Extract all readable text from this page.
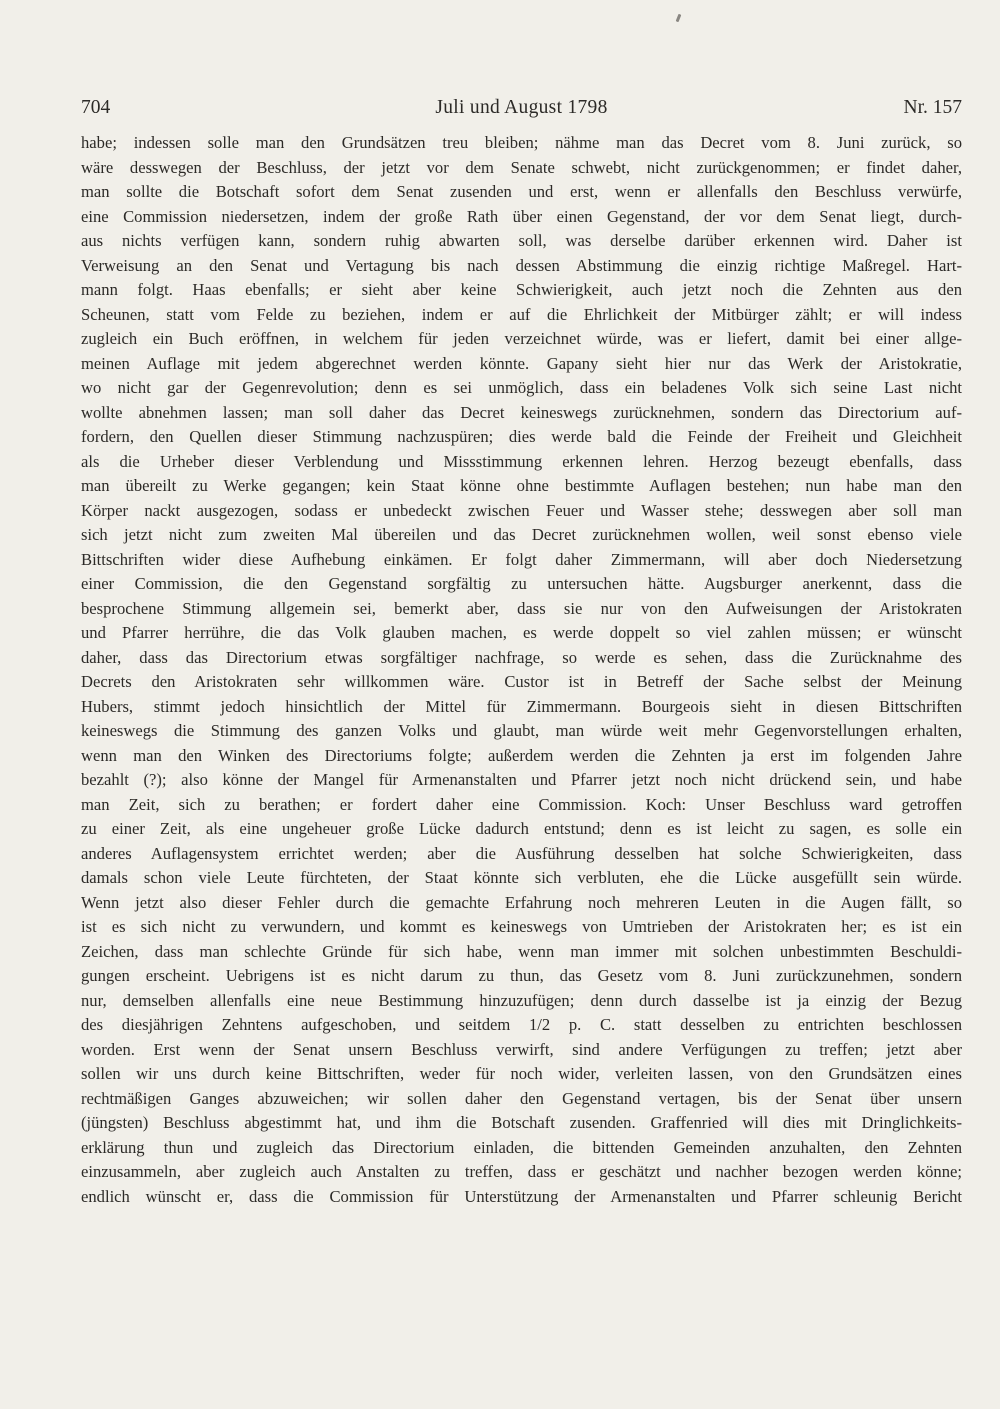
704	Juli und August 1798	Nr. 157
habe; indessen solle man den Grundsätzen treu bleiben; nähme man das Decret vom 8. Juni zurück, so
wäre desswegen der Beschluss, der jetzt vor dem Senate schwebt, nicht zurückgenommen; er findet daher,
man sollte die Botschaft sofort dem Senat zusenden und erst, wenn er allenfalls den Beschluss verwürfe,
eine Commission niedersetzen, indem der große Rath über einen Gegenstand, der vor dem Senat liegt, durch-
aus nichts verfügen kann, sondern ruhig abwarten soll, was derselbe darüber erkennen wird. Daher ist
Verweisung an den Senat und Vertagung bis nach dessen Abstimmung die einzig richtige Maßregel. Hart-
mann folgt. Haas ebenfalls; er sieht aber keine Schwierigkeit, auch jetzt noch die Zehnten aus den
Scheunen, statt vom Felde zu beziehen, indem er auf die Ehrlichkeit der Mitbürger zählt; er will indess
zugleich ein Buch eröffnen, in welchem für jeden verzeichnet würde, was er liefert, damit bei einer allge-
meinen Auflage mit jedem abgerechnet werden könnte. Gapany sieht hier nur das Werk der Aristokratie,
wo nicht gar der Gegenrevolution; denn es sei unmöglich, dass ein beladenes Volk sich seine Last nicht
wollte abnehmen lassen; man soll daher das Decret keineswegs zurücknehmen, sondern das Directorium auf-
fordern, den Quellen dieser Stimmung nachzuspüren; dies werde bald die Feinde der Freiheit und Gleichheit
als die Urheber dieser Verblendung und Missstimmung erkennen lehren. Herzog bezeugt ebenfalls, dass
man übereilt zu Werke gegangen; kein Staat könne ohne bestimmte Auflagen bestehen; nun habe man den
Körper nackt ausgezogen, sodass er unbedeckt zwischen Feuer und Wasser stehe; desswegen aber soll man
sich jetzt nicht zum zweiten Mal übereilen und das Decret zurücknehmen wollen, weil sonst ebenso viele
Bittschriften wider diese Aufhebung einkämen. Er folgt daher Zimmermann, will aber doch Niedersetzung
einer Commission, die den Gegenstand sorgfältig zu untersuchen hätte. Augsburger anerkennt, dass die
besprochene Stimmung allgemein sei, bemerkt aber, dass sie nur von den Aufweisungen der Aristokraten
und Pfarrer herrühre, die das Volk glauben machen, es werde doppelt so viel zahlen müssen; er wünscht
daher, dass das Directorium etwas sorgfältiger nachfrage, so werde es sehen, dass die Zurücknahme des
Decrets den Aristokraten sehr willkommen wäre. Custor ist in Betreff der Sache selbst der Meinung
Hubers, stimmt jedoch hinsichtlich der Mittel für Zimmermann. Bourgeois sieht in diesen Bittschriften
keineswegs die Stimmung des ganzen Volks und glaubt, man würde weit mehr Gegenvorstellungen erhalten,
wenn man den Winken des Directoriums folgte; außerdem werden die Zehnten ja erst im folgenden Jahre
bezahlt (?); also könne der Mangel für Armenanstalten und Pfarrer jetzt noch nicht drückend sein, und habe
man Zeit, sich zu berathen; er fordert daher eine Commission. Koch: Unser Beschluss ward getroffen
zu einer Zeit, als eine ungeheuer große Lücke dadurch entstund; denn es ist leicht zu sagen, es solle ein
anderes Auflagensystem errichtet werden; aber die Ausführung desselben hat solche Schwierigkeiten, dass
damals schon viele Leute fürchteten, der Staat könnte sich verbluten, ehe die Lücke ausgefüllt sein würde.
Wenn jetzt also dieser Fehler durch die gemachte Erfahrung noch mehreren Leuten in die Augen fällt, so
ist es sich nicht zu verwundern, und kommt es keineswegs von Umtrieben der Aristokraten her; es ist ein
Zeichen, dass man schlechte Gründe für sich habe, wenn man immer mit solchen unbestimmten Beschuldi-
gungen erscheint. Uebrigens ist es nicht darum zu thun, das Gesetz vom 8. Juni zurückzunehmen, sondern
nur, demselben allenfalls eine neue Bestimmung hinzuzufügen; denn durch dasselbe ist ja einzig der Bezug
des diesjährigen Zehntens aufgeschoben, und seitdem 1/2 p. C. statt desselben zu entrichten beschlossen
worden. Erst wenn der Senat unsern Beschluss verwirft, sind andere Verfügungen zu treffen; jetzt aber
sollen wir uns durch keine Bittschriften, weder für noch wider, verleiten lassen, von den Grundsätzen eines
rechtmäßigen Ganges abzuweichen; wir sollen daher den Gegenstand vertagen, bis der Senat über unsern
(jüngsten) Beschluss abgestimmt hat, und ihm die Botschaft zusenden. Graffenried will dies mit Dringlichkeits-
erklärung thun und zugleich das Directorium einladen, die bittenden Gemeinden anzuhalten, den Zehnten
einzusammeln, aber zugleich auch Anstalten zu treffen, dass er geschätzt und nachher bezogen werden könne;
endlich wünscht er, dass die Commission für Unterstützung der Armenanstalten und Pfarrer schleunig Bericht
